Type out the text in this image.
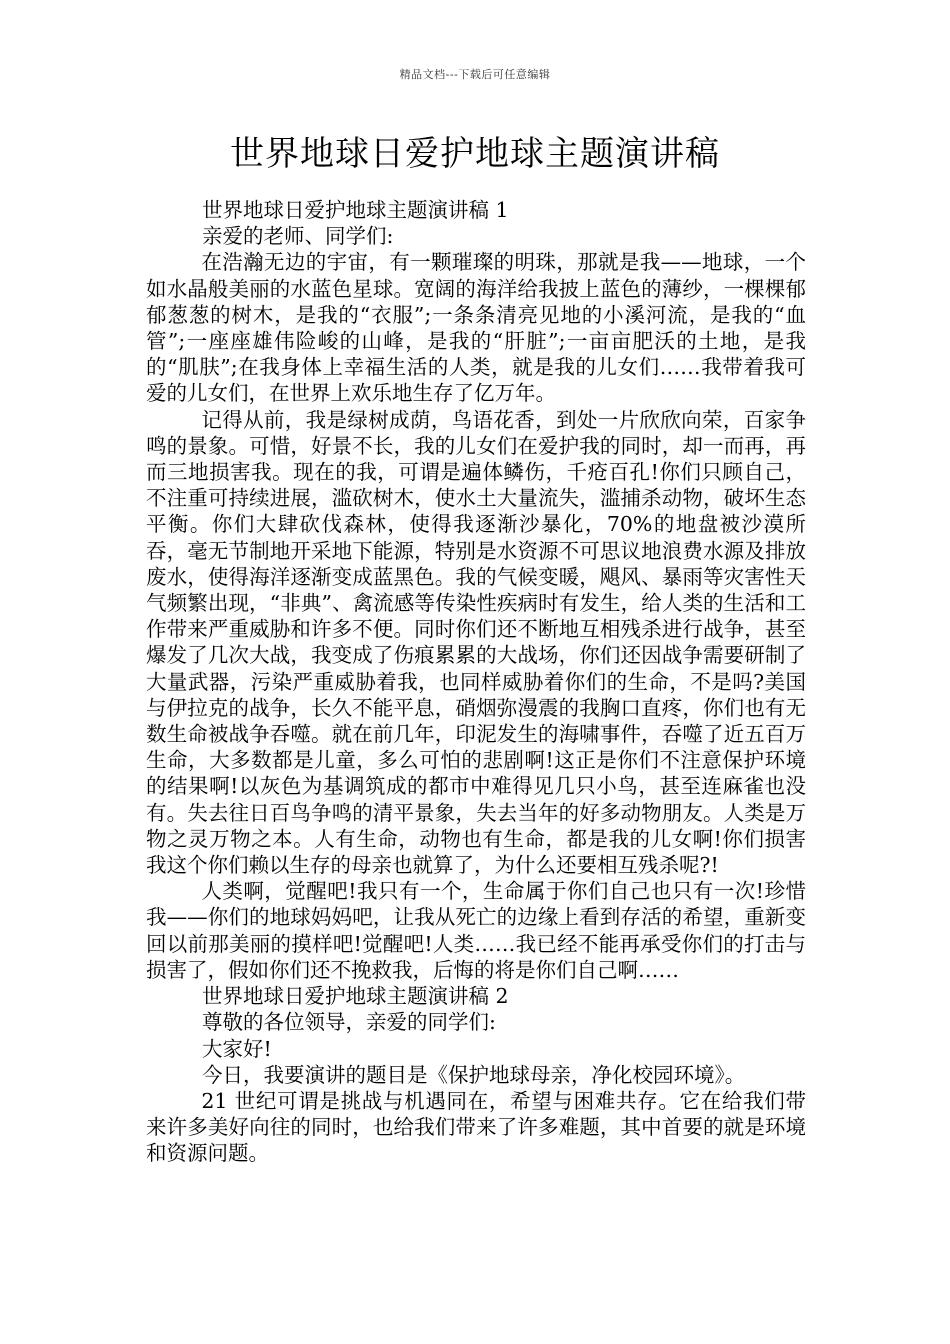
精品文档---下载后可任意编辑
世界地球日爱护地球主题演讲稿

世界地球日爱护地球主题演讲稿 1

亲爱的老师、同学们:

在浩瀚无边的宇宙，有一颗璀璨的明珠，那就是我——地球，一个如水晶般美丽的水蓝色星球。宽阔的海洋给我披上蓝色的薄纱，一棵棵郁郁葱葱的树木，是我的“衣服”;一条条清亮见地的小溪河流，是我的“血管”;一座座雄伟险峻的山峰，是我的“肝脏”;一亩亩肥沃的土地，是我的“肌肤”;在我身体上幸福生活的人类，就是我的儿女们……我带着我可爱的儿女们，在世界上欢乐地生存了亿万年。

记得从前，我是绿树成荫，鸟语花香，到处一片欣欣向荣，百家争鸣的景象。可惜，好景不长，我的儿女们在爱护我的同时，却一而再，再而三地损害我。现在的我，可谓是遍体鳞伤，千疮百孔!你们只顾自己，不注重可持续进展，滥砍树木，使水土大量流失，滥捕杀动物，破坏生态平衡。你们大肆砍伐森林，使得我逐渐沙暴化，70%的地盘被沙漠所吞，毫无节制地开采地下能源，特别是水资源不可思议地浪费水源及排放废水，使得海洋逐渐变成蓝黑色。我的气候变暖，飓风、暴雨等灾害性天气频繁出现，“非典”、禽流感等传染性疾病时有发生，给人类的生活和工作带来严重威胁和许多不便。同时你们还不断地互相残杀进行战争，甚至爆发了几次大战，我变成了伤痕累累的大战场，你们还因战争需要研制了大量武器，污染严重威胁着我，也同样威胁着你们的生命，不是吗?美国与伊拉克的战争，长久不能平息，硝烟弥漫震的我胸口直疼，你们也有无数生命被战争吞噬。就在前几年，印泥发生的海啸事件，吞噬了近五百万生命，大多数都是儿童，多么可怕的悲剧啊!这正是你们不注意保护环境的结果啊!以灰色为基调筑成的都市中难得见几只小鸟，甚至连麻雀也没有。失去往日百鸟争鸣的清平景象，失去当年的好多动物朋友。人类是万物之灵万物之本。人有生命，动物也有生命，都是我的儿女啊!你们损害我这个你们赖以生存的母亲也就算了，为什么还要相互残杀呢?!

人类啊，觉醒吧!我只有一个，生命属于你们自己也只有一次!珍惜我——你们的地球妈妈吧，让我从死亡的边缘上看到存活的希望，重新变回以前那美丽的摸样吧!觉醒吧!人类……我已经不能再承受你们的打击与损害了，假如你们还不挽救我，后悔的将是你们自己啊……

世界地球日爱护地球主题演讲稿 2

尊敬的各位领导，亲爱的同学们:

大家好!

今日，我要演讲的题目是《保护地球母亲，净化校园环境》。

21 世纪可谓是挑战与机遇同在，希望与困难共存。它在给我们带来许多美好向往的同时，也给我们带来了许多难题，其中首要的就是环境和资源问题。
